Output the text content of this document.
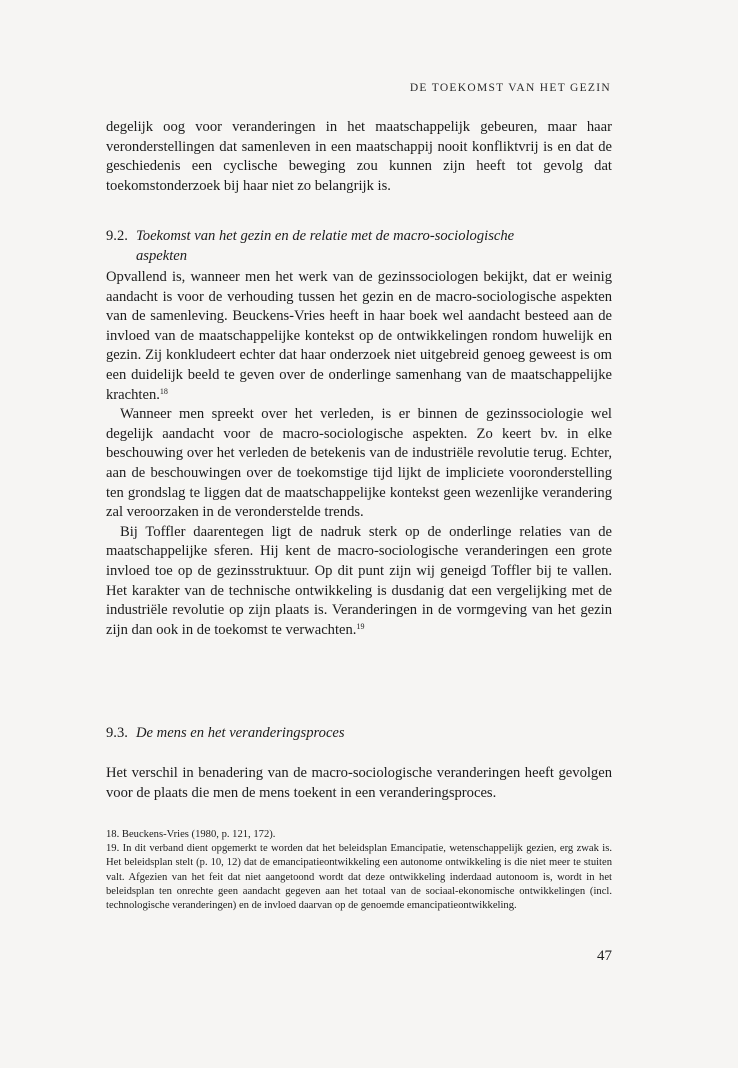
DE TOEKOMST VAN HET GEZIN

degelijk oog voor veranderingen in het maatschappelijk gebeuren, maar haar veronderstellingen dat samenleven in een maatschappij nooit konfliktvrij is en dat de geschiedenis een cyclische beweging zou kunnen zijn heeft tot gevolg dat toekomstonderzoek bij haar niet zo belangrijk is.

9.2. Toekomst van het gezin en de relatie met de macro-sociologische
aspekten

Opvallend is, wanneer men het werk van de gezinssociologen bekijkt, dat er weinig aandacht is voor de verhouding tussen het gezin en de macro-sociologische aspekten van de samenleving. Beuckens-Vries heeft in haar boek wel aandacht besteed aan de invloed van de maatschappelijke kontekst op de ontwikkelingen rondom huwelijk en gezin. Zij konkludeert echter dat haar onderzoek niet uitgebreid genoeg geweest is om een duidelijk beeld te geven over de onderlinge samenhang van de maatschappelijke krachten.$^{18}$

Wanneer men spreekt over het verleden, is er binnen de gezinssociologie wel degelijk aandacht voor de macro-sociologische aspekten. Zo keert bv. in elke beschouwing over het verleden de betekenis van de industriële revolutie terug. Echter, aan de beschouwingen over de toekomstige tijd lijkt de impliciete vooronderstelling ten grondslag te liggen dat de maatschappelijke kontekst geen wezenlijke verandering zal veroorzaken in de veronderstelde trends.

Bij Toffler daarentegen ligt de nadruk sterk op de onderlinge relaties van de maatschappelijke sferen. Hij kent de macro-sociologische veranderingen een grote invloed toe op de gezinsstruktuur. Op dit punt zijn wij geneigd Toffler bij te vallen. Het karakter van de technische ontwikkeling is dusdanig dat een vergelijking met de industriële revolutie op zijn plaats is. Veranderingen in de vormgeving van het gezin zijn dan ook in de toekomst te verwachten.$^{19}$

9.3. De mens en het veranderingsproces

Het verschil in benadering van de macro-sociologische veranderingen heeft gevolgen voor de plaats die men de mens toekent in een veranderingsproces.

18. Beuckens-Vries (1980, p. 121, 172).

19. In dit verband dient opgemerkt te worden dat het beleidsplan Emancipatie, wetenschappelijk gezien, erg zwak is. Het beleidsplan stelt (p. 10, 12) dat de emancipatieontwikkeling een autonome ontwikkeling is die niet meer te stuiten valt. Afgezien van het feit dat niet aangetoond wordt dat deze ontwikkeling inderdaad autonoom is, wordt in het beleidsplan ten onrechte geen aandacht gegeven aan het totaal van de sociaal-ekonomische ontwikkelingen (incl. technologische veranderingen) en de invloed daarvan op de genoemde emancipatieontwikkeling.

47
